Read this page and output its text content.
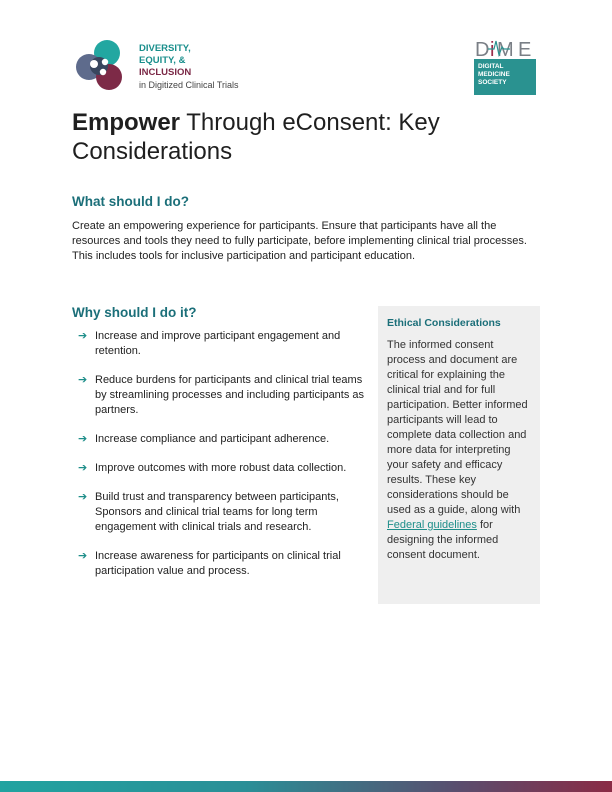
DIVERSITY,
EQUITY, &
INCLUSION
in Digitized Clinical Trials
D i M E
DIGITAL
MEDICINE
SOCIETY
Empower Through eConsent: Key Considerations
What should I do?

Create an empowering experience for participants. Ensure that participants have all the resources and tools they need to fully participate, before implementing clinical trial processes. This includes tools for inclusive participation and participant education.

Why should I do it?
➔ Increase and improve participant engagement and retention.
➔ Reduce burdens for participants and clinical trial teams by streamlining processes and including participants as partners.
➔ Increase compliance and participant adherence.
➔ Improve outcomes with more robust data collection.
➔ Build trust and transparency between participants, Sponsors and clinical trial teams for long term engagement with clinical trials and research.
➔ Increase awareness for participants on clinical trial participation value and process.
Ethical Considerations
The informed consent process and document are critical for explaining the clinical trial and for full participation. Better informed participants will lead to complete data collection and more data for interpreting your safety and efficacy results. These key considerations should be used as a guide, along with Federal guidelines for designing the informed consent document.
